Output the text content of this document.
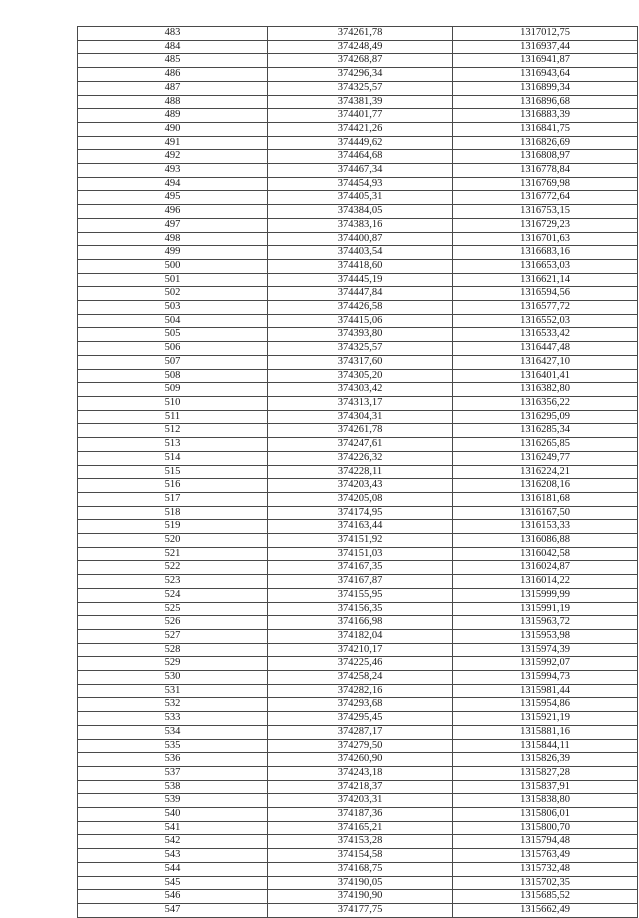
483	374261,78	1317012,75
484	374248,49	1316937,44
485	374268,87	1316941,87
486	374296,34	1316943,64
487	374325,57	1316899,34
488	374381,39	1316896,68
489	374401,77	1316883,39
490	374421,26	1316841,75
491	374449,62	1316826,69
492	374464,68	1316808,97
493	374467,34	1316778,84
494	374454,93	1316769,98
495	374405,31	1316772,64
496	374384,05	1316753,15
497	374383,16	1316729,23
498	374400,87	1316701,63
499	374403,54	1316683,16
500	374418,60	1316653,03
501	374445,19	1316621,14
502	374447,84	1316594,56
503	374426,58	1316577,72
504	374415,06	1316552,03
505	374393,80	1316533,42
506	374325,57	1316447,48
507	374317,60	1316427,10
508	374305,20	1316401,41
509	374303,42	1316382,80
510	374313,17	1316356,22
511	374304,31	1316295,09
512	374261,78	1316285,34
513	374247,61	1316265,85
514	374226,32	1316249,77
515	374228,11	1316224,21
516	374203,43	1316208,16
517	374205,08	1316181,68
518	374174,95	1316167,50
519	374163,44	1316153,33
520	374151,92	1316086,88
521	374151,03	1316042,58
522	374167,35	1316024,87
523	374167,87	1316014,22
524	374155,95	1315999,99
525	374156,35	1315991,19
526	374166,98	1315963,72
527	374182,04	1315953,98
528	374210,17	1315974,39
529	374225,46	1315992,07
530	374258,24	1315994,73
531	374282,16	1315981,44
532	374293,68	1315954,86
533	374295,45	1315921,19
534	374287,17	1315881,16
535	374279,50	1315844,11
536	374260,90	1315826,39
537	374243,18	1315827,28
538	374218,37	1315837,91
539	374203,31	1315838,80
540	374187,36	1315806,01
541	374165,21	1315800,70
542	374153,28	1315794,48
543	374154,58	1315763,49
544	374168,75	1315732,48
545	374190,05	1315702,35
546	374190,90	1315685,52
547	374177,75	1315662,49
